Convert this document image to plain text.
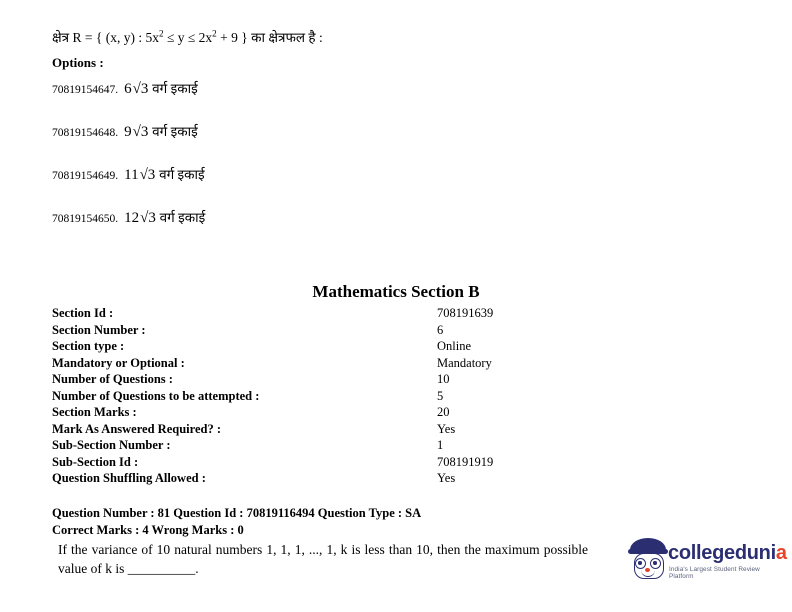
क्षेत्र R = { (x, y) : $5x^2 \le y \le 2x^2 + 9$ } का क्षेत्रफल है :
Options :
70819154647. 6√3 वर्ग इकाई
70819154648. 9√3 वर्ग इकाई
70819154649. 11√3 वर्ग इकाई
70819154650. 12√3 वर्ग इकाई
Mathematics Section B
Section Id :	708191639
Section Number :	6
Section type :	Online
Mandatory or Optional :	Mandatory
Number of Questions :	10
Number of Questions to be attempted :	5
Section Marks :	20
Mark As Answered Required? :	Yes
Sub-Section Number :	1
Sub-Section Id :	708191919
Question Shuffling Allowed :	Yes
Question Number : 81 Question Id : 70819116494 Question Type : SA
Correct Marks : 4 Wrong Marks : 0
If the variance of 10 natural numbers 1, 1, 1, ..., 1, k is less than 10, then the maximum possible value of k is __________.
collegedunia
India's Largest Student Review Platform
